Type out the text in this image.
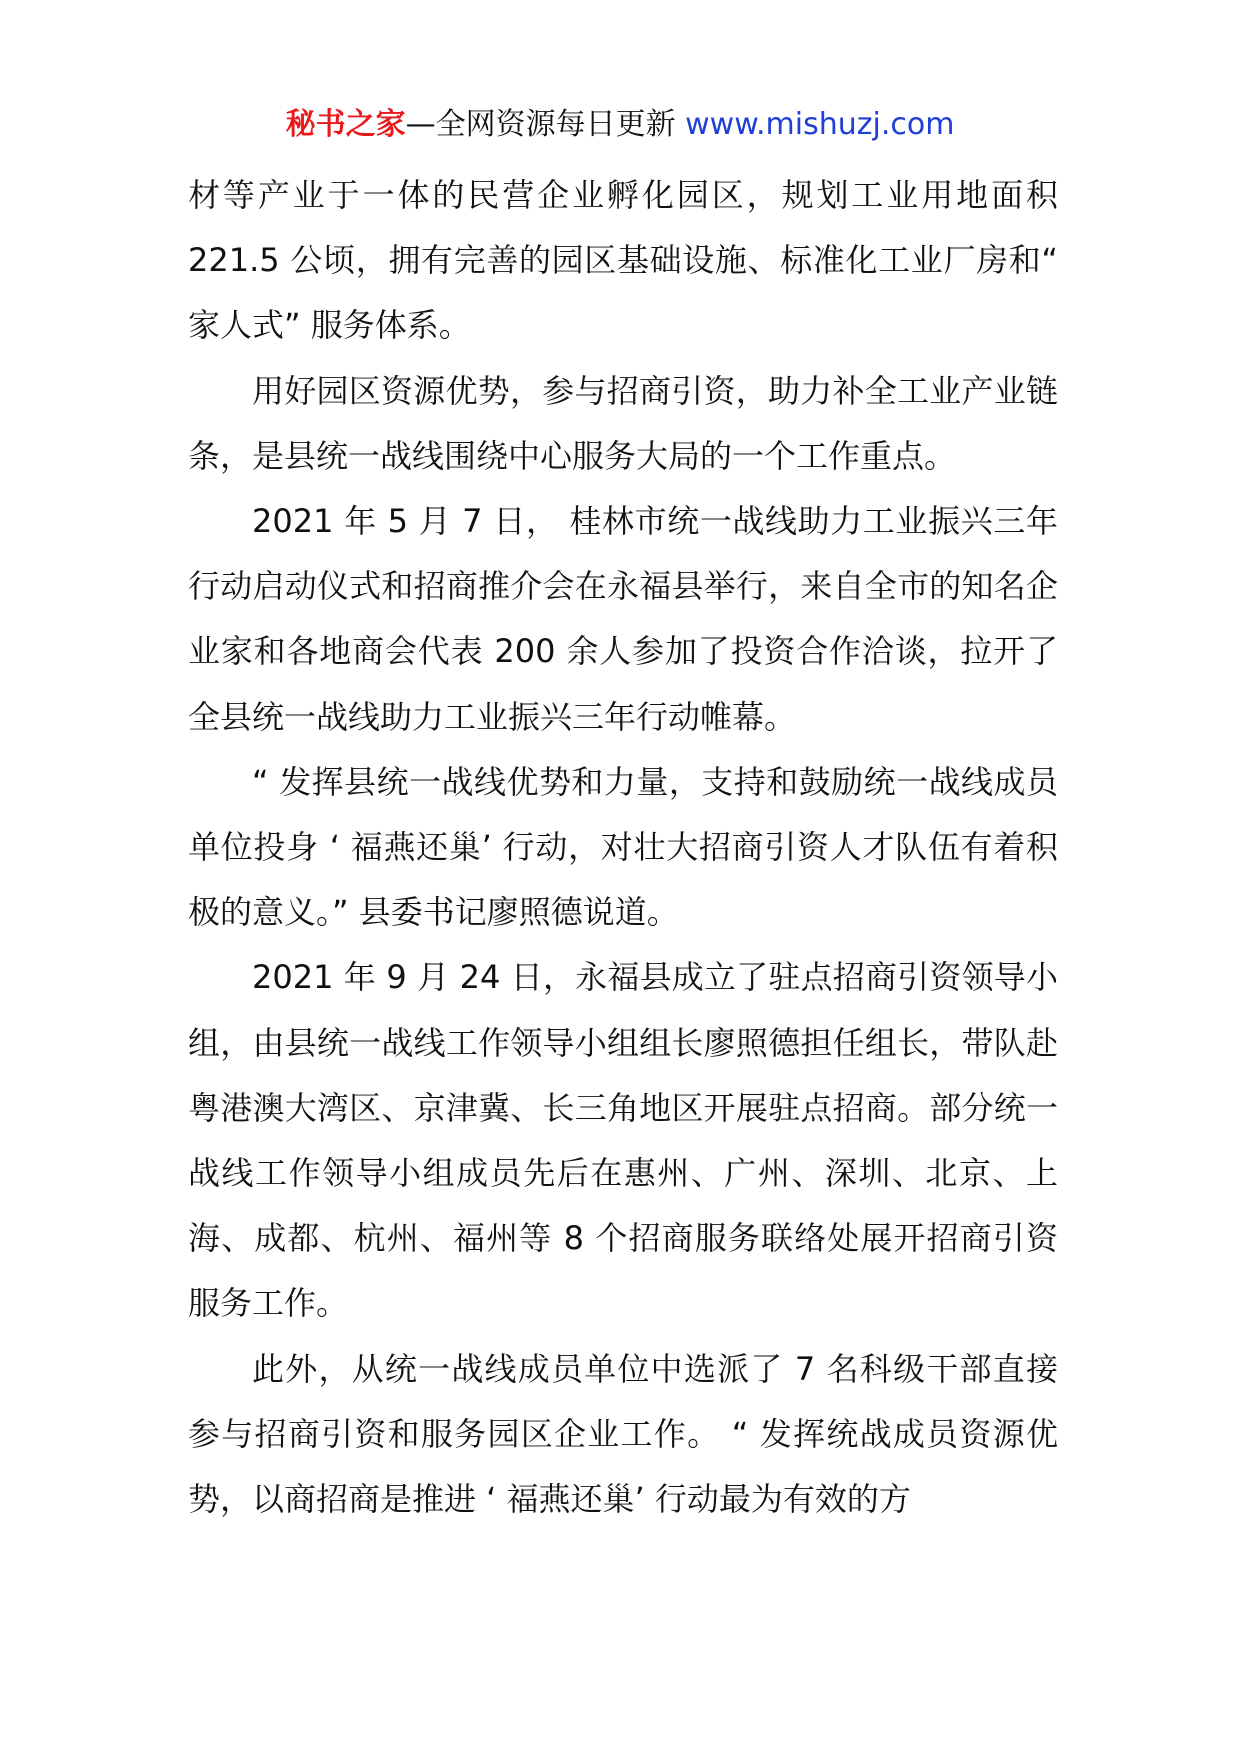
秘书之家—全网资源每日更新 www.mishuzj.com

材等产业于一体的民营企业孵化园区，规划工业用地面积 221.5 公顷，拥有完善的园区基础设施、标准化工业厂房和“ 家人式” 服务体系。

用好园区资源优势，参与招商引资，助力补全工业产业链条，是县统一战线围绕中心服务大局的一个工作重点。

2021 年 5 月 7 日， 桂林市统一战线助力工业振兴三年行动启动仪式和招商推介会在永福县举行，来自全市的知名企业家和各地商会代表 200 余人参加了投资合作洽谈，拉开了全县统一战线助力工业振兴三年行动帷幕。

“ 发挥县统一战线优势和力量，支持和鼓励统一战线成员单位投身 ‘ 福燕还巢’ 行动，对壮大招商引资人才队伍有着积极的意义。” 县委书记廖照德说道。

2021 年 9 月 24 日，永福县成立了驻点招商引资领导小组，由县统一战线工作领导小组组长廖照德担任组长，带队赴粤港澳大湾区、京津冀、长三角地区开展驻点招商。部分统一战线工作领导小组成员先后在惠州、广州、深圳、北京、上海、成都、杭州、福州等 8 个招商服务联络处展开招商引资服务工作。

此外，从统一战线成员单位中选派了 7 名科级干部直接参与招商引资和服务园区企业工作。 “ 发挥统战成员资源优势，以商招商是推进 ‘ 福燕还巢’ 行动最为有效的方
